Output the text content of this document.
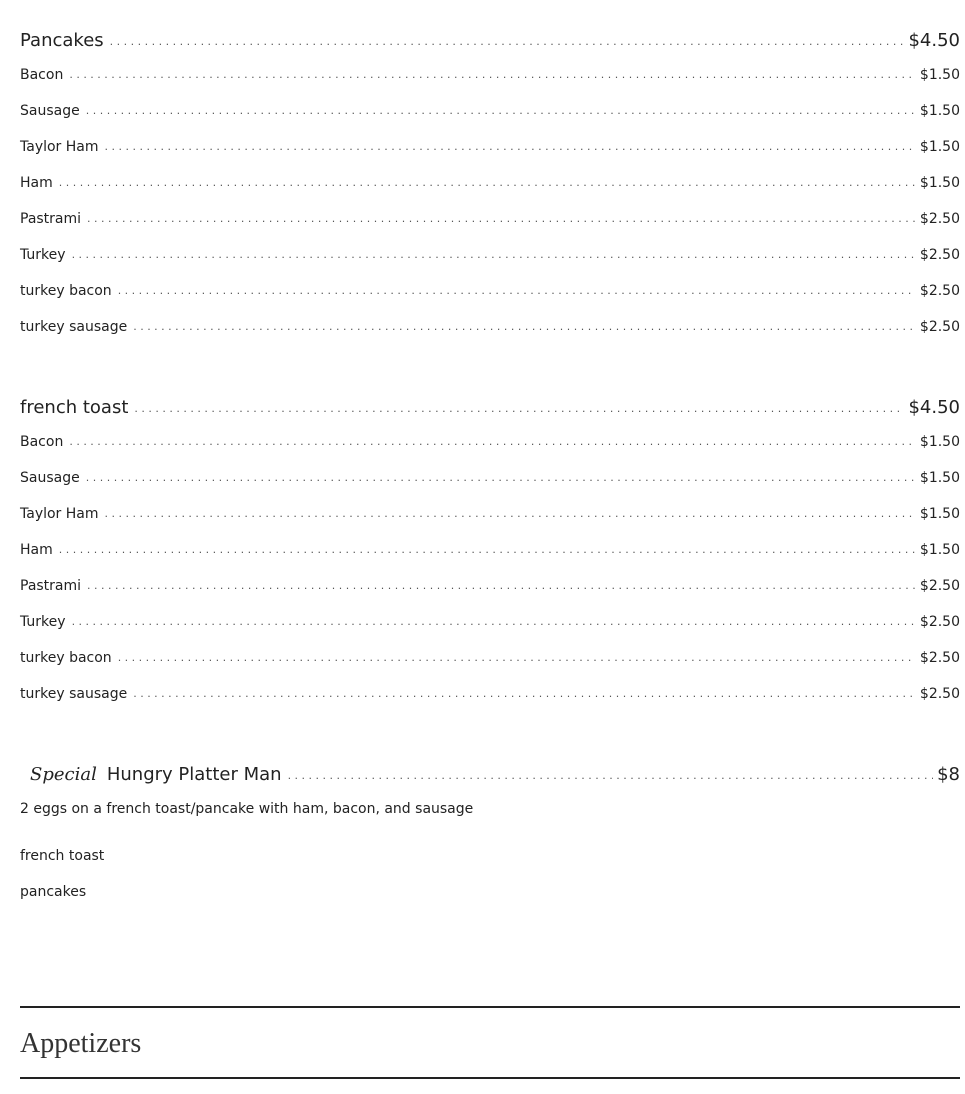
Pancakes . . .	$4.50
Bacon . . .	$1.50
Sausage . . .	$1.50
Taylor Ham . . .	$1.50
Ham . . .	$1.50
Pastrami . . .	$2.50
Turkey . . .	$2.50
turkey bacon . . .	$2.50
turkey sausage . . .	$2.50
french toast . . .	$4.50
Bacon . . .	$1.50
Sausage . . .	$1.50
Taylor Ham . . .	$1.50
Ham . . .	$1.50
Pastrami . . .	$2.50
Turkey . . .	$2.50
turkey bacon . . .	$2.50
turkey sausage . . .	$2.50
Special Hungry Platter Man . . .	$8
2 eggs on a french toast/pancake with ham, bacon, and sausage
french toast
pancakes
Appetizers
